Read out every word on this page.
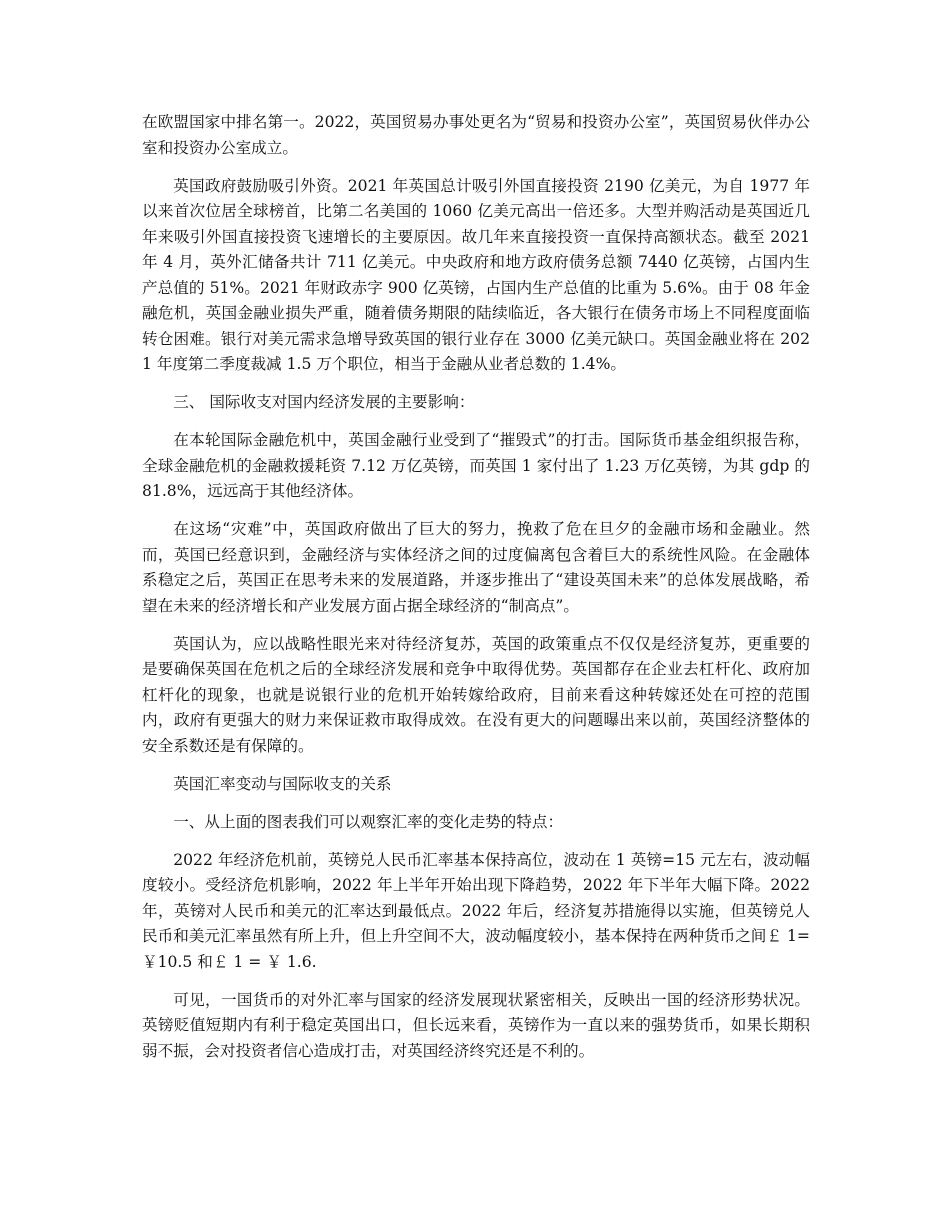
在欧盟国家中排名第一。2022，英国贸易办事处更名为“贸易和投资办公室”，英国贸易伙伴办公室和投资办公室成立。

英国政府鼓励吸引外资。2021 年英国总计吸引外国直接投资 2190 亿美元，为自 1977 年以来首次位居全球榜首，比第二名美国的 1060 亿美元高出一倍还多。大型并购活动是英国近几年来吸引外国直接投资飞速增长的主要原因。故几年来直接投资一直保持高额状态。截至 2021 年 4 月，英外汇储备共计 711 亿美元。中央政府和地方政府债务总额 7440 亿英镑，占国内生产总值的 51%。2021 年财政赤字 900 亿英镑，占国内生产总值的比重为 5.6%。由于 08 年金融危机，英国金融业损失严重，随着债务期限的陆续临近，各大银行在债务市场上不同程度面临转仓困难。银行对美元需求急增导致英国的银行业存在 3000 亿美元缺口。英国金融业将在 2021 年度第二季度裁减 1.5 万个职位，相当于金融从业者总数的 1.4%。

三、 国际收支对国内经济发展的主要影响：

在本轮国际金融危机中，英国金融行业受到了“摧毁式”的打击。国际货币基金组织报告称，全球金融危机的金融救援耗资 7.12 万亿英镑，而英国 1 家付出了 1.23 万亿英镑，为其 gdp 的 81.8%，远远高于其他经济体。

在这场“灾难”中，英国政府做出了巨大的努力，挽救了危在旦夕的金融市场和金融业。然而，英国已经意识到，金融经济与实体经济之间的过度偏离包含着巨大的系统性风险。在金融体系稳定之后，英国正在思考未来的发展道路，并逐步推出了“建设英国未来”的总体发展战略，希望在未来的经济增长和产业发展方面占据全球经济的“制高点”。

英国认为，应以战略性眼光来对待经济复苏，英国的政策重点不仅仅是经济复苏，更重要的是要确保英国在危机之后的全球经济发展和竞争中取得优势。英国都存在企业去杠杆化、政府加杠杆化的现象，也就是说银行业的危机开始转嫁给政府，目前来看这种转嫁还处在可控的范围内，政府有更强大的财力来保证救市取得成效。在没有更大的问题曝出来以前，英国经济整体的安全系数还是有保障的。

英国汇率变动与国际收支的关系

一、从上面的图表我们可以观察汇率的变化走势的特点：

2022 年经济危机前，英镑兑人民币汇率基本保持高位，波动在 1 英镑=15 元左右，波动幅度较小。受经济危机影响，2022 年上半年开始出现下降趋势，2022 年下半年大幅下降。2022 年，英镑对人民币和美元的汇率达到最低点。2022 年后，经济复苏措施得以实施，但英镑兑人民币和美元汇率虽然有所上升，但上升空间不大，波动幅度较小，基本保持在两种货币之间￡ 1=￥10.5 和￡ 1 = ￥ 1.6.

可见，一国货币的对外汇率与国家的经济发展现状紧密相关，反映出一国的经济形势状况。英镑贬值短期内有利于稳定英国出口，但长远来看，英镑作为一直以来的强势货币，如果长期积弱不振，会对投资者信心造成打击，对英国经济终究还是不利的。
